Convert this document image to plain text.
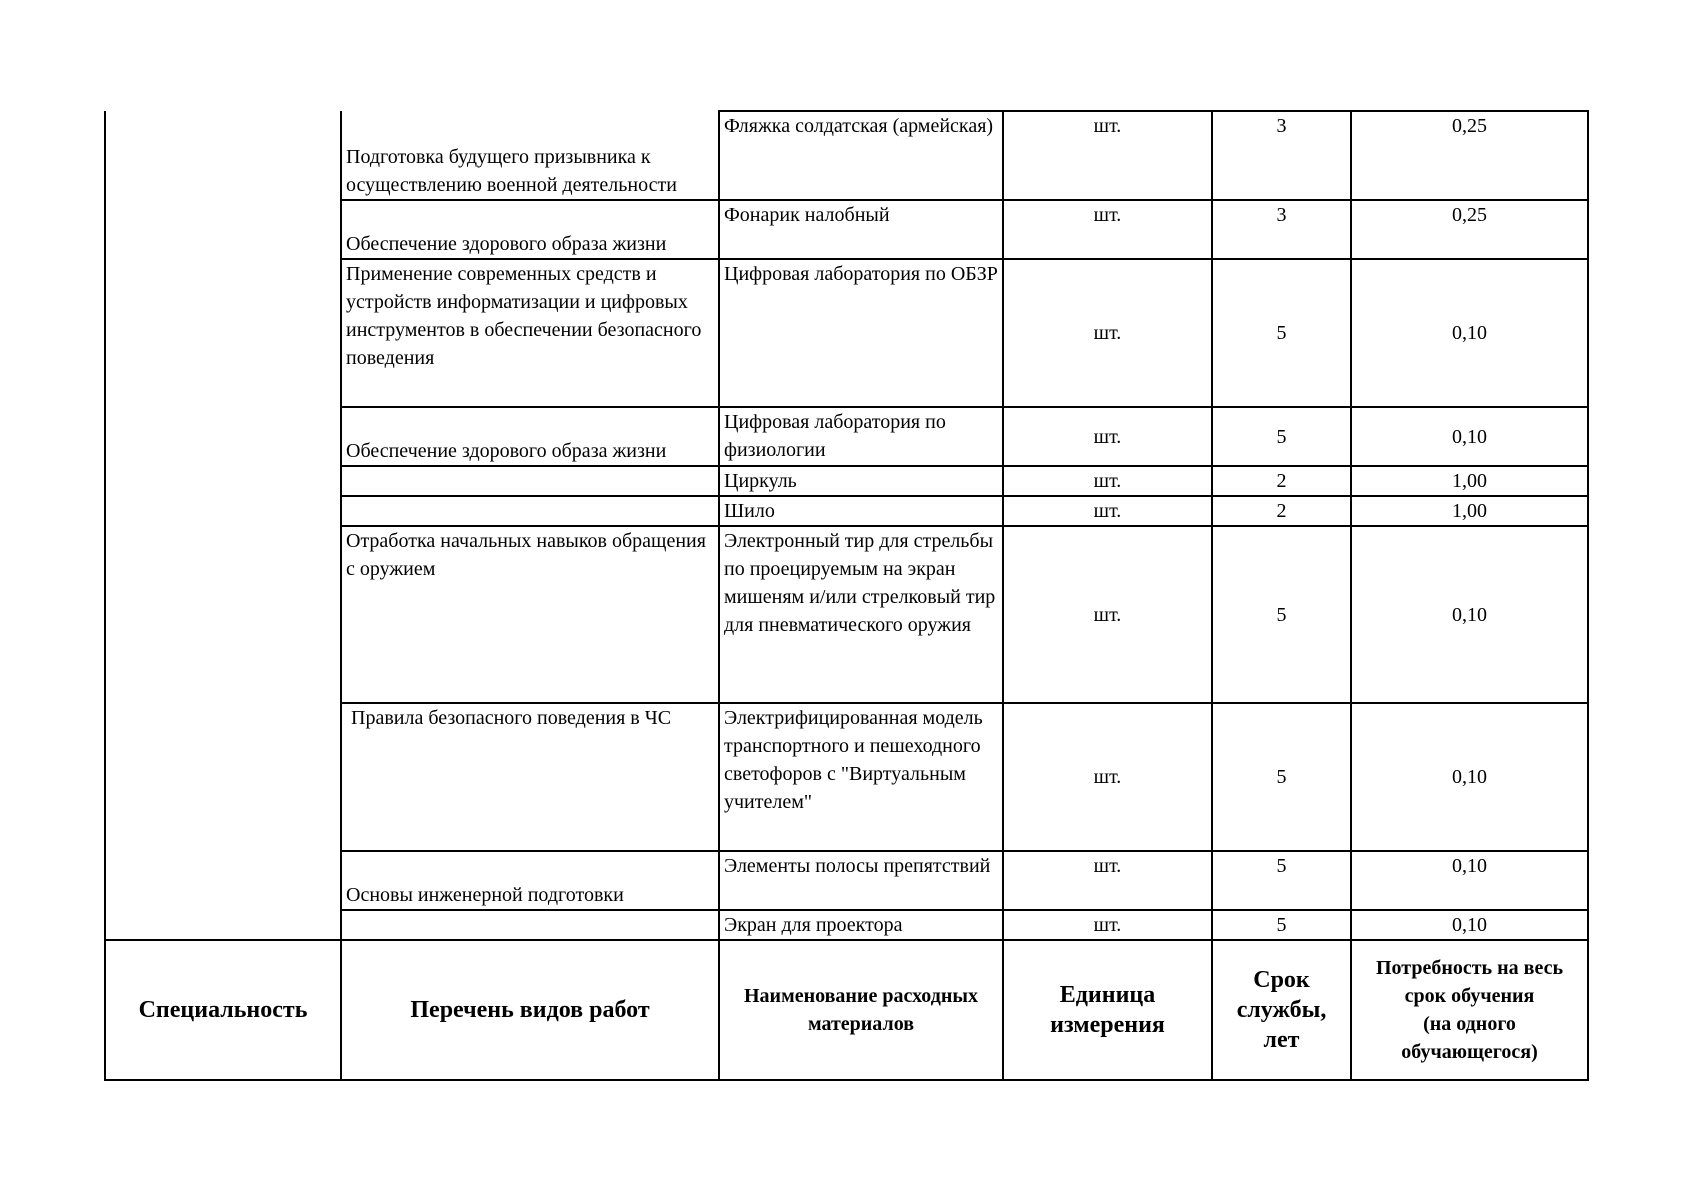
	Подготовка будущего призывника к осуществлению военной деятельности	Фляжка солдатская (армейская)	шт.	3	0,25
	Обеспечение здорового образа жизни	Фонарик налобный	шт.	3	0,25
	Применение современных средств и устройств информатизации и цифровых инструментов в обеспечении безопасного поведения	Цифровая лаборатория по ОБЗР	шт.	5	0,10
	Обеспечение здорового образа жизни	Цифровая лаборатория по физиологии	шт.	5	0,10
		Циркуль	шт.	2	1,00
		Шило	шт.	2	1,00
	Отработка начальных навыков обращения с оружием	Электронный тир для стрельбы по проецируемым на экран мишеням и/или стрелковый тир для пневматического оружия	шт.	5	0,10
	Правила безопасного поведения в ЧС	Электрифицированная модель транспортного и пешеходного светофоров с "Виртуальным учителем"	шт.	5	0,10
	Основы инженерной подготовки	Элементы полосы препятствий	шт.	5	0,10
		Экран для проектора	шт.	5	0,10
Специальность	Перечень видов работ	Наименование расходных материалов	Единица измерения	Срок службы, лет	Потребность на весь срок обучения
(на одного обучающегося)
